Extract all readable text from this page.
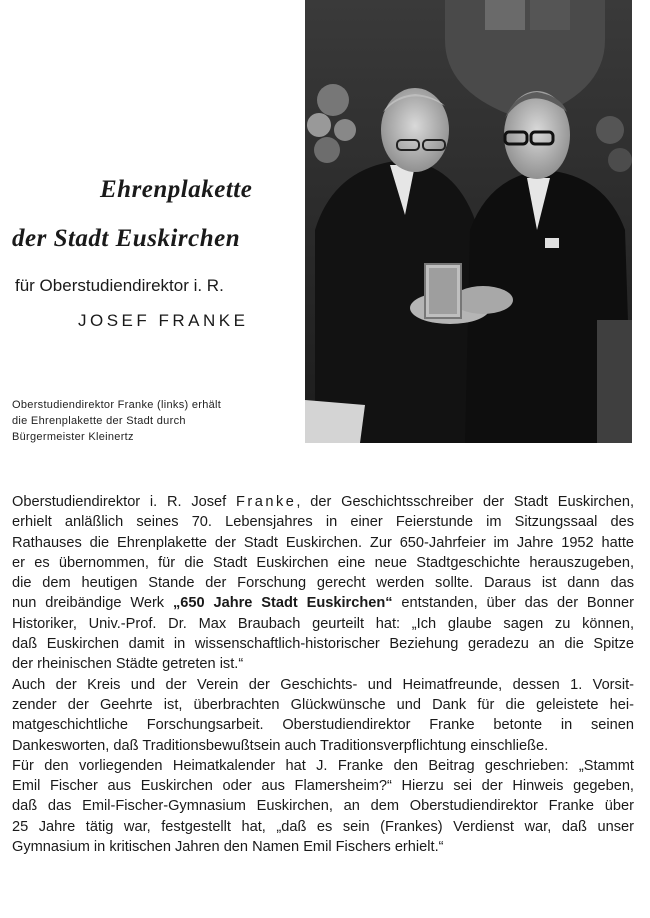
Ehrenplakette
der Stadt Euskirchen
für Oberstudiendirektor i. R.
JOSEF FRANKE
Oberstudiendirektor Franke (links) erhält
die Ehrenplakette der Stadt durch
Bürgermeister Kleinertz
Oberstudiendirektor i. R. Josef Franke, der Geschichtsschreiber der Stadt Euskirchen,
erhielt anläßlich seines 70. Lebensjahres in einer Feierstunde im Sitzungssaal des
Rathauses die Ehrenplakette der Stadt Euskirchen. Zur 650-Jahrfeier im Jahre 1952 hatte
er es übernommen, für die Stadt Euskirchen eine neue Stadtgeschichte herauszugeben,
die dem heutigen Stande der Forschung gerecht werden sollte. Daraus ist dann das
nun dreibändige Werk „650 Jahre Stadt Euskirchen“ entstanden, über das der Bonner
Historiker, Univ.-Prof. Dr. Max Braubach geurteilt hat: „Ich glaube sagen zu können,
daß Euskirchen damit in wissenschaftlich-historischer Beziehung geradezu an die Spitze
der rheinischen Städte getreten ist.“
Auch der Kreis und der Verein der Geschichts- und Heimatfreunde, dessen 1. Vorsit-
zender der Geehrte ist, überbrachten Glückwünsche und Dank für die geleistete hei-
matgeschichtliche Forschungsarbeit. Oberstudiendirektor Franke betonte in seinen
Dankesworten, daß Traditionsbewußtsein auch Traditionsverpflichtung einschließe.
Für den vorliegenden Heimatkalender hat J. Franke den Beitrag geschrieben: „Stammt
Emil Fischer aus Euskirchen oder aus Flamersheim?“ Hierzu sei der Hinweis gegeben,
daß das Emil-Fischer-Gymnasium Euskirchen, an dem Oberstudiendirektor Franke über
25 Jahre tätig war, festgestellt hat, „daß es sein (Frankes) Verdienst war, daß unser
Gymnasium in kritischen Jahren den Namen Emil Fischers erhielt.“
